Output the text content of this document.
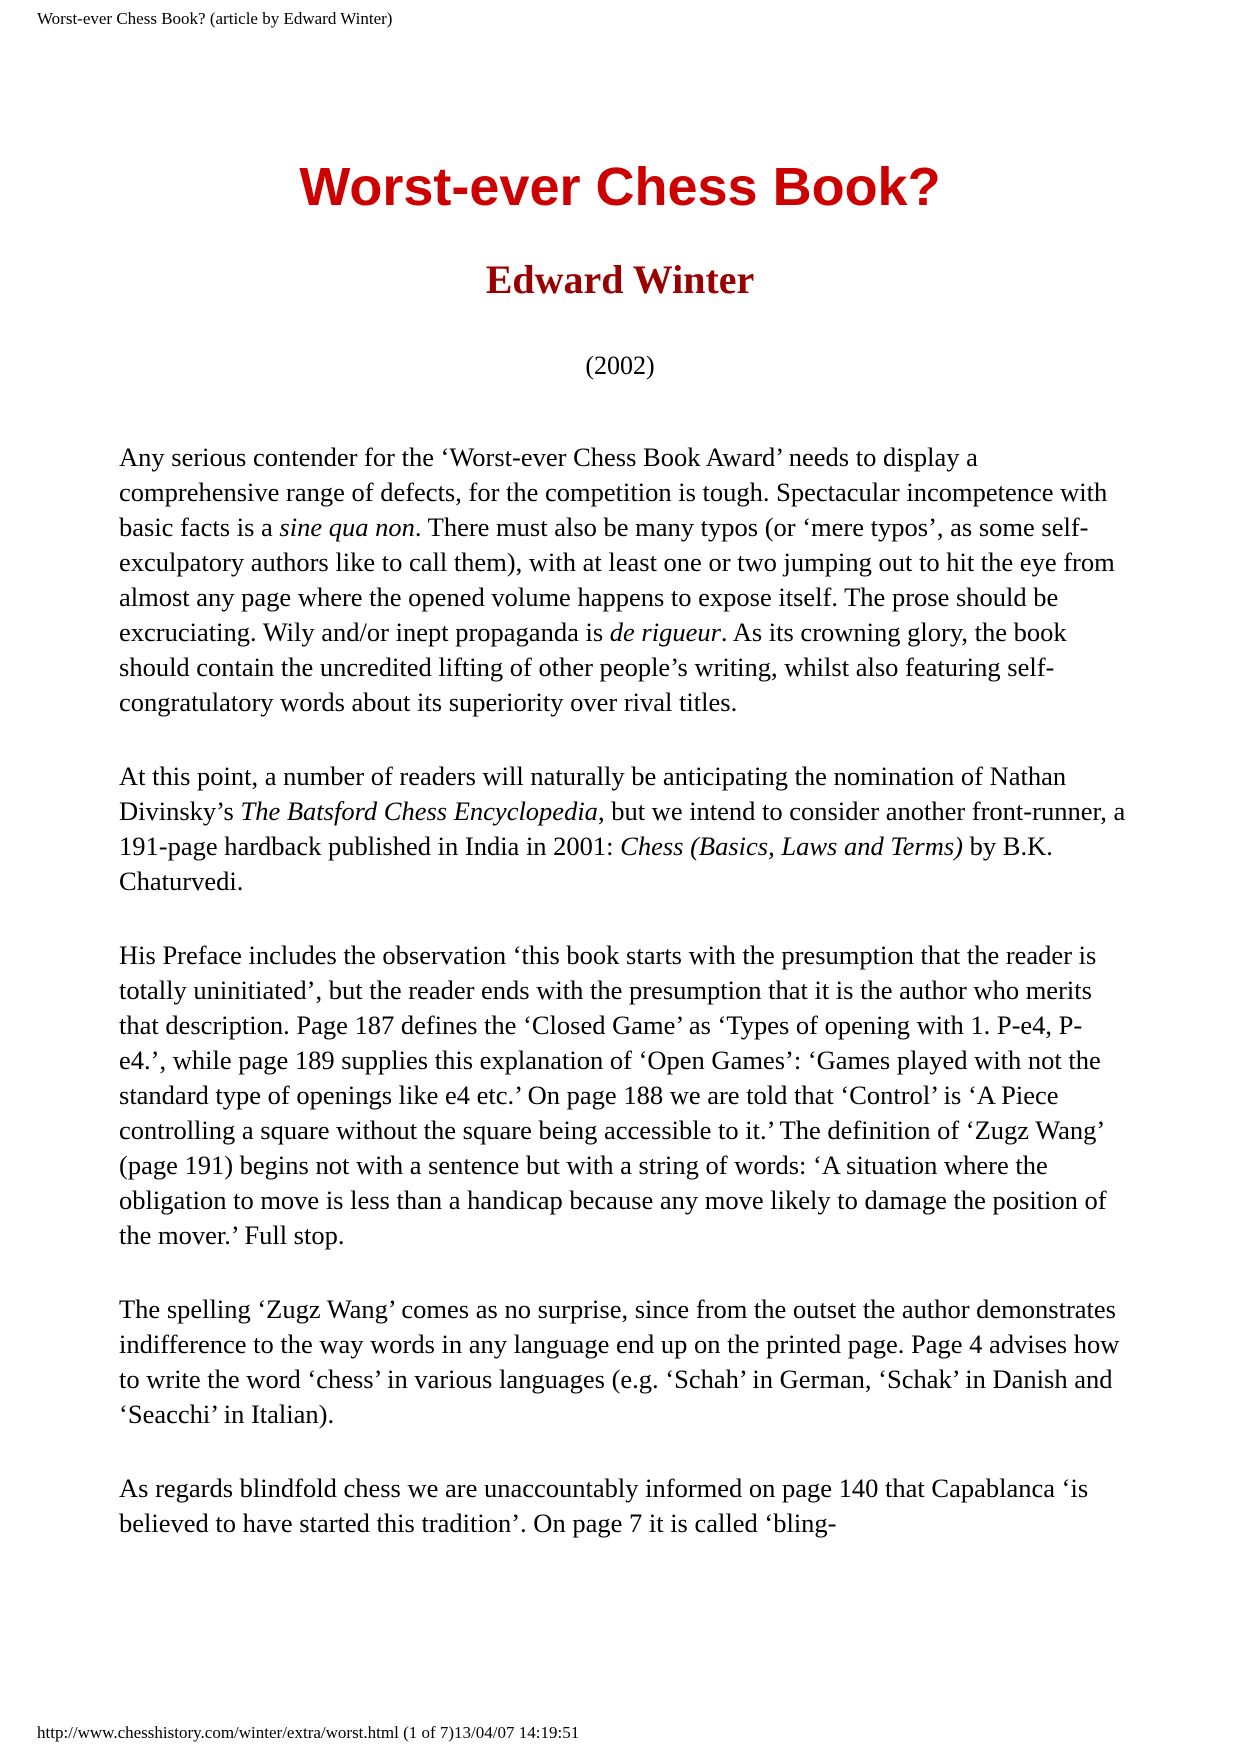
Worst-ever Chess Book? (article by Edward Winter)
Worst-ever Chess Book?
Edward Winter
(2002)

Any serious contender for the ‘Worst-ever Chess Book Award’ needs to display a comprehensive range of defects, for the competition is tough. Spectacular incompetence with basic facts is a sine qua non. There must also be many typos (or ‘mere typos’, as some self-exculpatory authors like to call them), with at least one or two jumping out to hit the eye from almost any page where the opened volume happens to expose itself. The prose should be excruciating. Wily and/or inept propaganda is de rigueur. As its crowning glory, the book should contain the uncredited lifting of other people’s writing, whilst also featuring self-congratulatory words about its superiority over rival titles.

At this point, a number of readers will naturally be anticipating the nomination of Nathan Divinsky’s The Batsford Chess Encyclopedia, but we intend to consider another front-runner, a 191-page hardback published in India in 2001: Chess (Basics, Laws and Terms) by B.K. Chaturvedi.

His Preface includes the observation ‘this book starts with the presumption that the reader is totally uninitiated’, but the reader ends with the presumption that it is the author who merits that description. Page 187 defines the ‘Closed Game’ as ‘Types of opening with 1. P-e4, P-e4.’, while page 189 supplies this explanation of ‘Open Games’: ‘Games played with not the standard type of openings like e4 etc.’ On page 188 we are told that ‘Control’ is ‘A Piece controlling a square without the square being accessible to it.’ The definition of ‘Zugz Wang’ (page 191) begins not with a sentence but with a string of words: ‘A situation where the obligation to move is less than a handicap because any move likely to damage the position of the mover.’ Full stop.

The spelling ‘Zugz Wang’ comes as no surprise, since from the outset the author demonstrates indifference to the way words in any language end up on the printed page. Page 4 advises how to write the word ‘chess’ in various languages (e.g. ‘Schah’ in German, ‘Schak’ in Danish and ‘Seacchi’ in Italian).

As regards blindfold chess we are unaccountably informed on page 140 that Capablanca ‘is believed to have started this tradition’. On page 7 it is called ‘bling-

http://www.chesshistory.com/winter/extra/worst.html (1 of 7)13/04/07 14:19:51
